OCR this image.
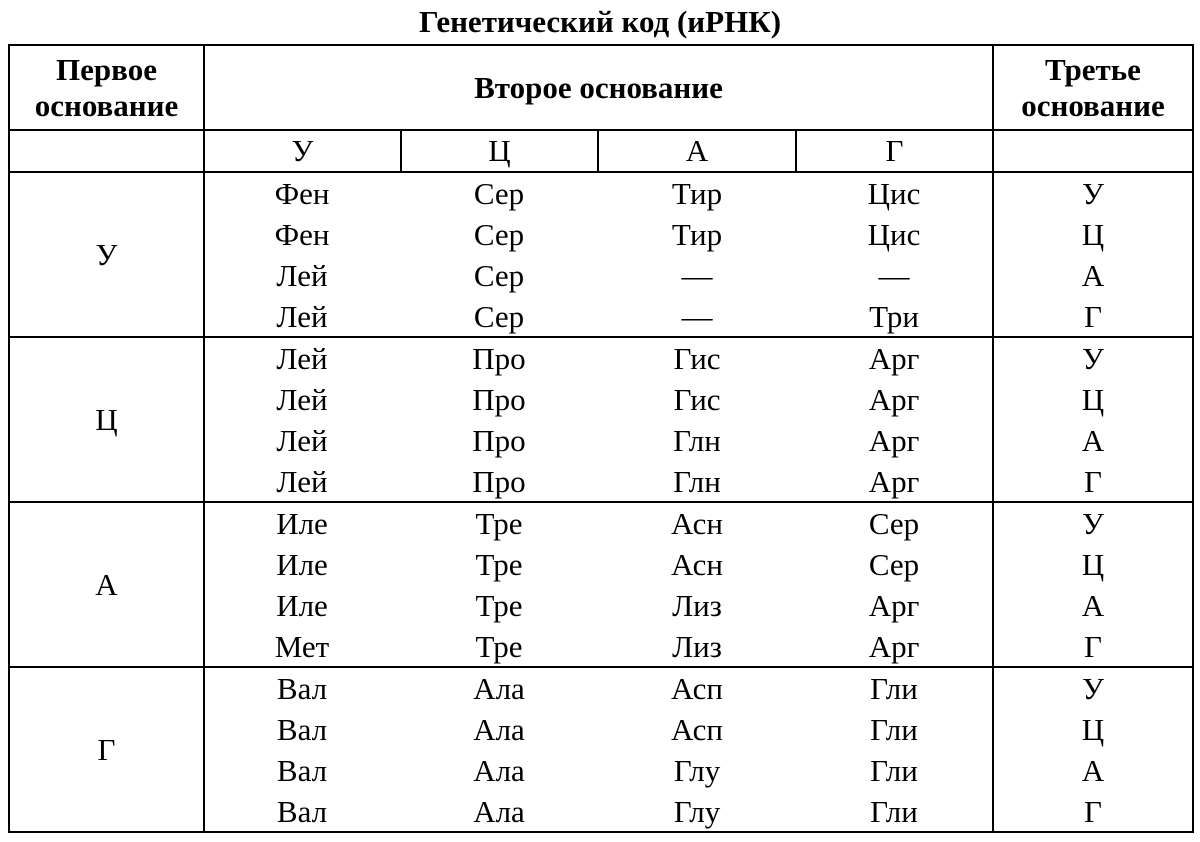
Генетический код (иРНК)
Первое основание
Второе основание
Третье основание
У	Ц	А	Г
У
Фен	Сер	Тир	Цис	У
Фен	Сер	Тир	Цис	Ц
Лей	Сер	—	—	А
Лей	Сер	—	Три	Г
Ц
Лей	Про	Гис	Арг	У
Лей	Про	Гис	Арг	Ц
Лей	Про	Глн	Арг	А
Лей	Про	Глн	Арг	Г
А
Иле	Тре	Асн	Сер	У
Иле	Тре	Асн	Сер	Ц
Иле	Тре	Лиз	Арг	А
Мет	Тре	Лиз	Арг	Г
Г
Вал	Ала	Асп	Гли	У
Вал	Ала	Асп	Гли	Ц
Вал	Ала	Глу	Гли	А
Вал	Ала	Глу	Гли	Г
